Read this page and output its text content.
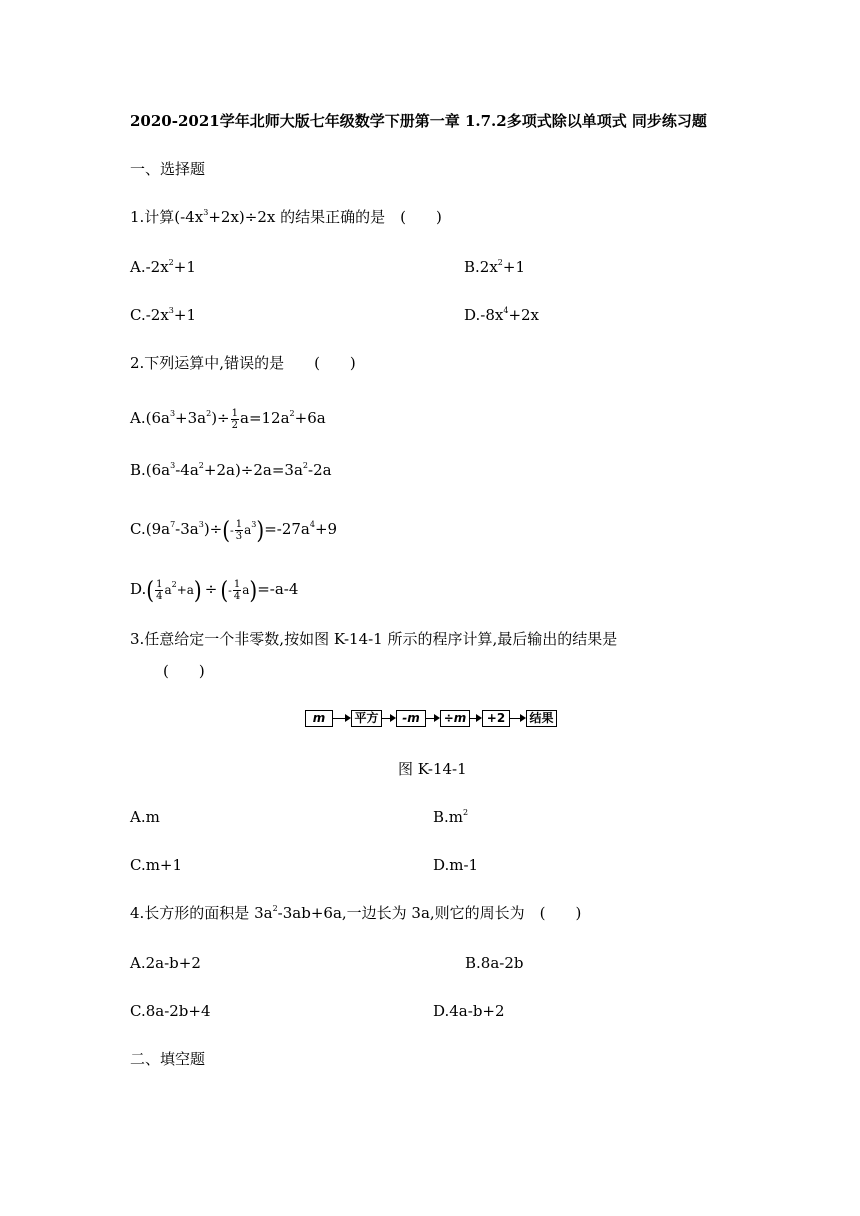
2020-2021学年北师大版七年级数学下册第一章 1.7.2多项式除以单项式 同步练习题
一、选择题
1.计算$(-4x^3+2x)\div 2x$ 的结果正确的是　(　　)
$A.-2x^2+1$	$B.2x^2+1$
$C.-2x^3+1$	$D.-8x^4+2x$
2.下列运算中,错误的是　　(　　)
$A.(6a^3+3a^2)\div \frac{1}{2} a=12a^2+6a$
$B.(6a^3-4a^2+2a)\div 2a=3a^2-2a$
$C.(9a^7-3a^3)\div(- \frac{1}{3} a^3)=-27a^4+9$
$D.( \frac{1}{4} a^2+a)$ ÷ (- $\frac{1}{4} a)=-a-4$
3.任意给定一个非零数,按如图 K-14-1 所示的程序计算,最后输出的结果是
(　　)
m	平方	-m	÷m	+2	结果
图 K-14-1
A.m	$B.m^2$
C.m+1	D.m-1
4.长方形的面积是 $3a^2-3ab+6a$,一边长为 3a,则它的周长为　(　　)
A.2a-b+2	B.8a-2b
C.8a-2b+4	D.4a-b+2
二、填空题
